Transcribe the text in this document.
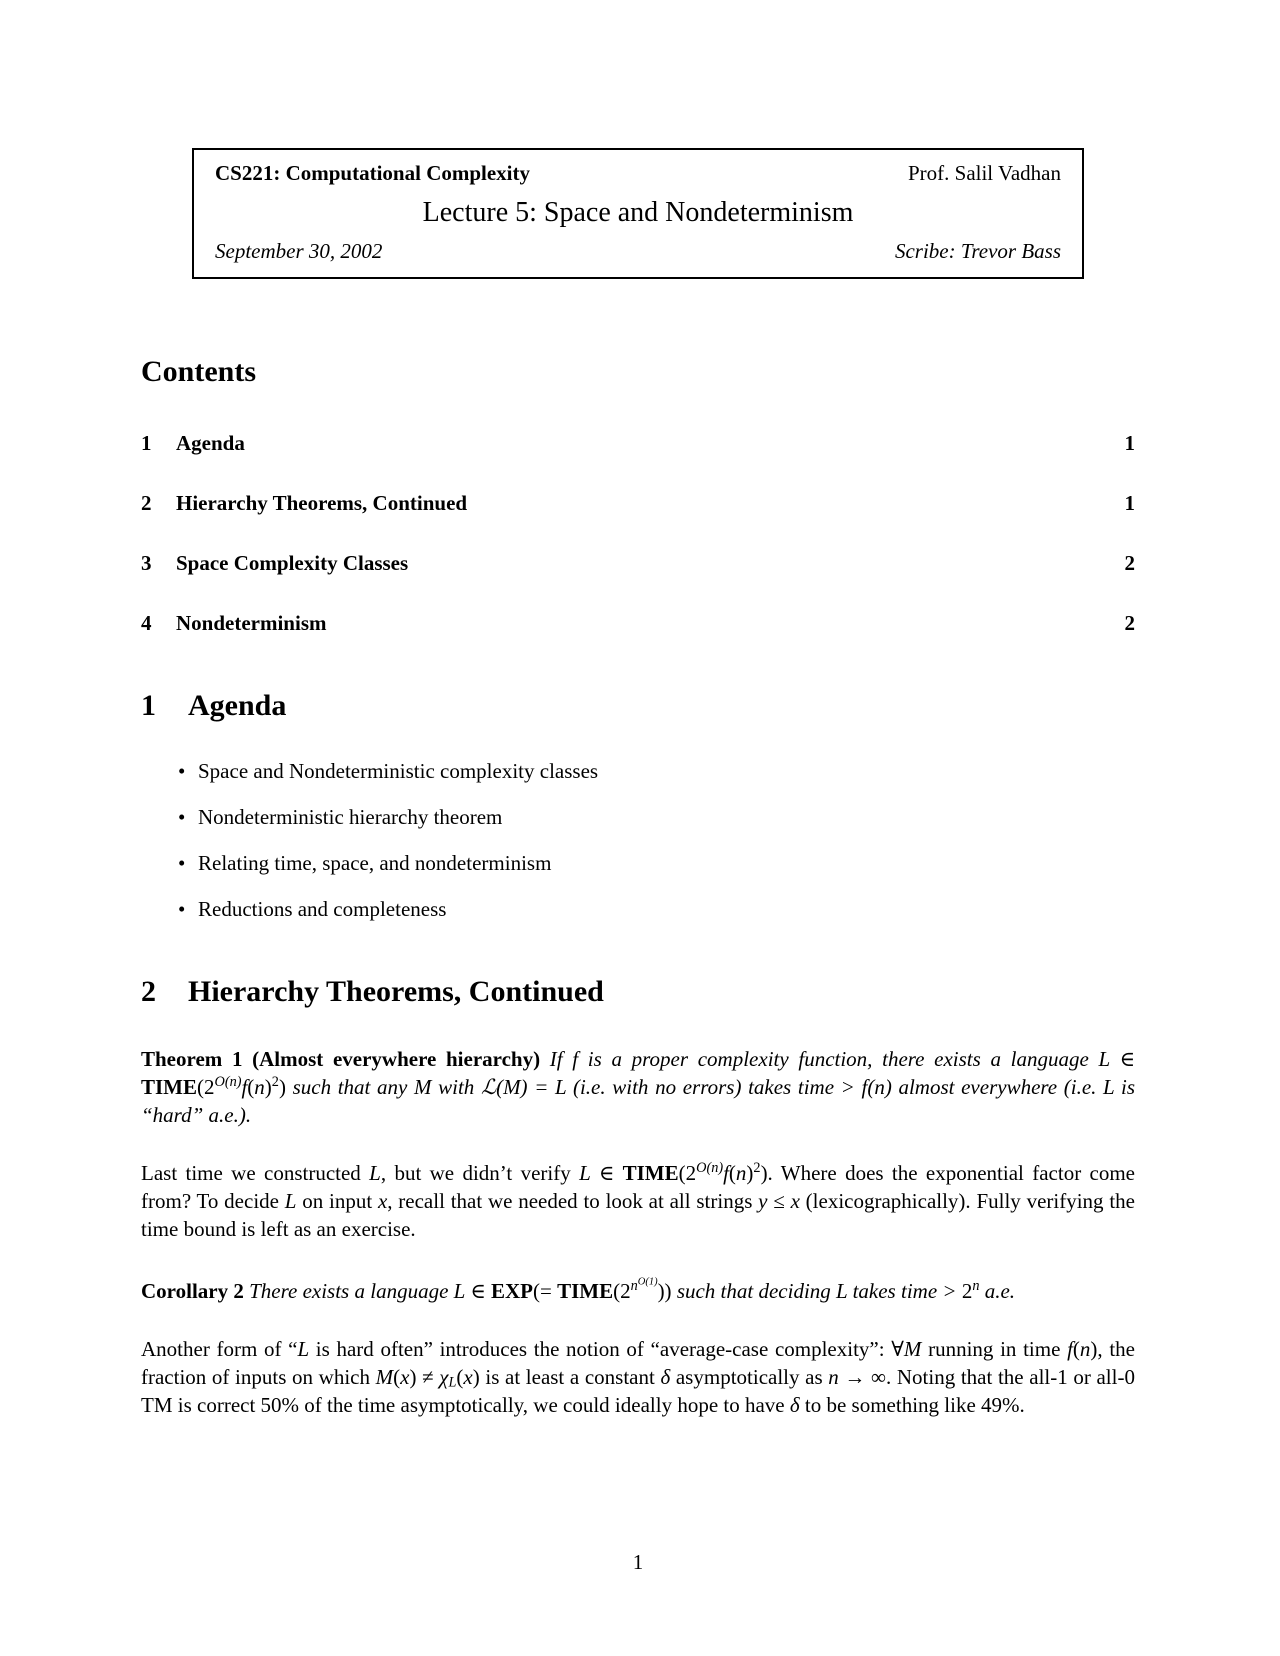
CS221: Computational Complexity	Prof. Salil Vadhan
Lecture 5: Space and Nondeterminism
September 30, 2002	Scribe: Trevor Bass
Contents
1	Agenda	1
2	Hierarchy Theorems, Continued	1
3	Space Complexity Classes	2
4	Nondeterminism	2
1 Agenda
• Space and Nondeterministic complexity classes
• Nondeterministic hierarchy theorem
• Relating time, space, and nondeterminism
• Reductions and completeness
2 Hierarchy Theorems, Continued

Theorem 1 (Almost everywhere hierarchy) If f is a proper complexity function, there exists a language L ∈ $TIME(2^{O(n)}f(n)^2)$ such that any M with ℒ(M) = L (i.e. with no errors) takes time > f(n) almost everywhere (i.e. L is “hard” a.e.).

Last time we constructed L, but we didn’t verify L ∈ $TIME(2^{O(n)}f(n)^2)$. Where does the exponential factor come from? To decide L on input x, recall that we needed to look at all strings y ≤ x (lexicographically). Fully verifying the time bound is left as an exercise.

Corollary 2 There exists a language L ∈ $EXP(= TIME(2^{nO(1)}))$ such that deciding L takes time > $2^n$ a.e.

Another form of “L is hard often” introduces the notion of “average-case complexity”: ∀M running in time f(n), the fraction of inputs on which M(x) ≠ χL(x) is at least a constant δ asymptotically as n → ∞. Noting that the all-1 or all-0 TM is correct 50% of the time asymptotically, we could ideally hope to have δ to be something like 49%.

1
